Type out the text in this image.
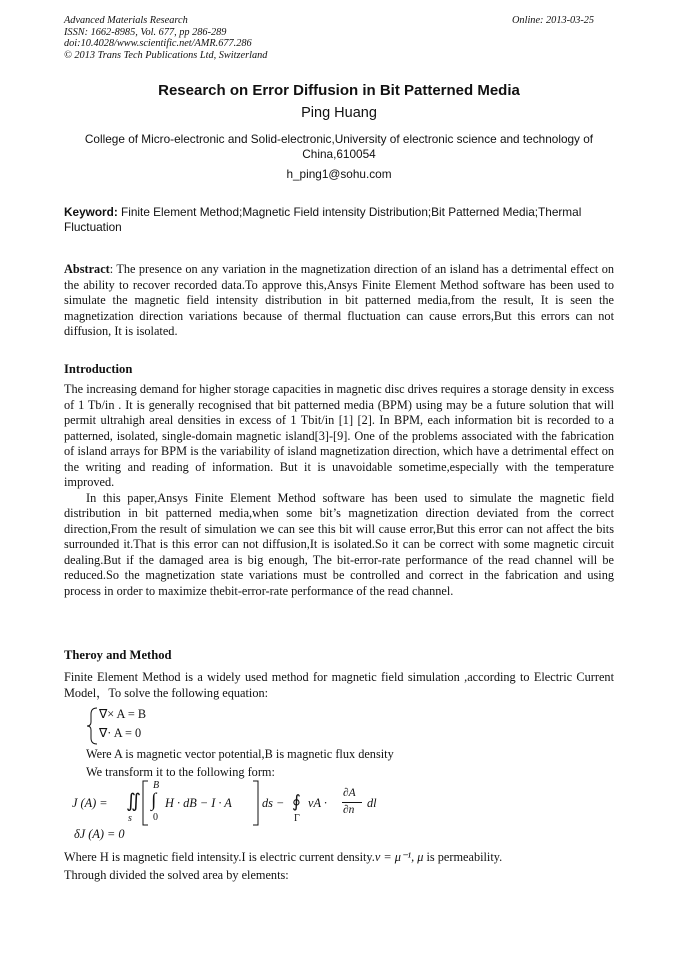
Advanced Materials Research
ISSN: 1662-8985, Vol. 677, pp 286-289
doi:10.4028/www.scientific.net/AMR.677.286
© 2013 Trans Tech Publications Ltd, Switzerland
Online: 2013-03-25
Research on Error Diffusion in Bit Patterned Media
Ping Huang
College of Micro-electronic and Solid-electronic,University of electronic science and technology of China,610054
h_ping1@sohu.com
Keyword: Finite Element Method;Magnetic Field intensity Distribution;Bit Patterned Media;Thermal Fluctuation

Abstract: The presence on any variation in the magnetization direction of an island has a detrimental effect on the ability to recover recorded data.To approve this,Ansys Finite Element Method software has been used to simulate the magnetic field intensity distribution in bit patterned media,from the result, It is seen the magnetization direction variations because of thermal fluctuation can cause errors,But this errors can not diffusion, It is isolated.

Introduction

The increasing demand for higher storage capacities in magnetic disc drives requires a storage density in excess of 1 Tb/in . It is generally recognised that bit patterned media (BPM) using may be a future solution that will permit ultrahigh areal densities in excess of 1 Tbit/in [1] [2]. In BPM, each information bit is recorded to a patterned, isolated, single-domain magnetic island[3]-[9]. One of the problems associated with the fabrication of island arrays for BPM is the variability of island magnetization direction, which have a detrimental effect on the writing and reading of information. But it is unavoidable sometime,especially with the temperature improved.

In this paper,Ansys Finite Element Method software has been used to simulate the magnetic field distribution in bit patterned media,when some bit’s magnetization direction deviated from the correct direction,From the result of simulation we can see this bit will cause error,But this error can not affect the bits surrounded it.That is this error can not diffusion,It is isolated.So it can be correct with some magnetic circuit dealing.But if the damaged area is big enough, The bit-error-rate performance of the read channel will be reduced.So the magnetization state variations must be controlled and correct in the fabrication and using process in order to maximize thebit-error-rate performance of the read channel.

Theroy and Method
Finite Element Method is a widely used method for magnetic field simulation ,according to Electric Current Model，To solve the following equation:
∇× A = B
∇· A = 0
Were A is magnetic vector potential,B is magnetic flux density
We transform it to the following form:
J (A) = ∬
s
B
∫
0
H · dB − I · A ds − ∮
Γ
νA ·
∂A
∂n dl
δJ (A) = 0
Where H is magnetic field intensity.I is electric current density.ν = μ⁻¹, μ is permeability.
Through divided the solved area by elements:
